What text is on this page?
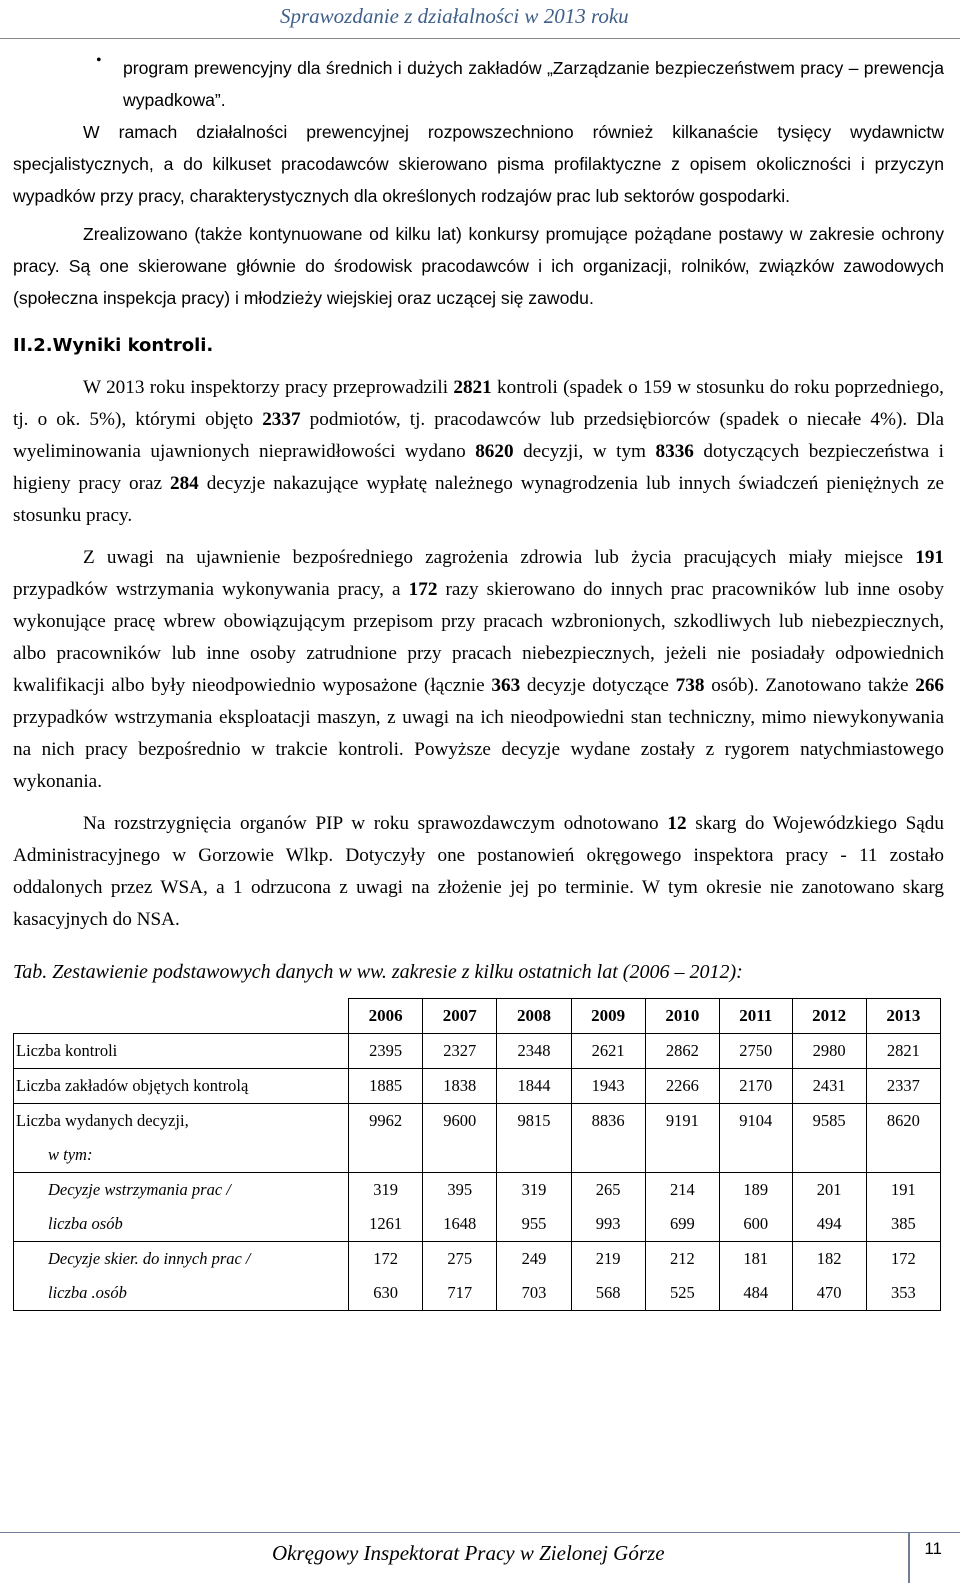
Sprawozdanie z działalności w 2013 roku
• program prewencyjny dla średnich i dużych zakładów „Zarządzanie bezpieczeństwem pracy – prewencja wypadkowa”.

W ramach działalności prewencyjnej rozpowszechniono również kilkanaście tysięcy wydawnictw specjalistycznych, a do kilkuset pracodawców skierowano pisma profilaktyczne z opisem okoliczności i przyczyn wypadków przy pracy, charakterystycznych dla określonych rodzajów prac lub sektorów gospodarki.

Zrealizowano (także kontynuowane od kilku lat) konkursy promujące pożądane postawy w zakresie ochrony pracy. Są one skierowane głównie do środowisk pracodawców i ich organizacji, rolników, związków zawodowych (społeczna inspekcja pracy) i młodzieży wiejskiej oraz uczącej się zawodu.

II.2.Wyniki kontroli.

W 2013 roku inspektorzy pracy przeprowadzili 2821 kontroli (spadek o 159 w stosunku do roku poprzedniego, tj. o ok. 5%), którymi objęto 2337 podmiotów, tj. pracodawców lub przedsiębiorców (spadek o niecałe 4%). Dla wyeliminowania ujawnionych nieprawidłowości wydano 8620 decyzji, w tym 8336 dotyczących bezpieczeństwa i higieny pracy oraz 284 decyzje nakazujące wypłatę należnego wynagrodzenia lub innych świadczeń pieniężnych ze stosunku pracy.

Z uwagi na ujawnienie bezpośredniego zagrożenia zdrowia lub życia pracujących miały miejsce 191 przypadków wstrzymania wykonywania pracy, a 172 razy skierowano do innych prac pracowników lub inne osoby wykonujące pracę wbrew obowiązującym przepisom przy pracach wzbronionych, szkodliwych lub niebezpiecznych, albo pracowników lub inne osoby zatrudnione przy pracach niebezpiecznych, jeżeli nie posiadały odpowiednich kwalifikacji albo były nieodpowiednio wyposażone (łącznie 363 decyzje dotyczące 738 osób). Zanotowano także 266 przypadków wstrzymania eksploatacji maszyn, z uwagi na ich nieodpowiedni stan techniczny, mimo niewykonywania na nich pracy bezpośrednio w trakcie kontroli. Powyższe decyzje wydane zostały z rygorem natychmiastowego wykonania.

Na rozstrzygnięcia organów PIP w roku sprawozdawczym odnotowano 12 skarg do Wojewódzkiego Sądu Administracyjnego w Gorzowie Wlkp. Dotyczyły one postanowień okręgowego inspektora pracy - 11 zostało oddalonych przez WSA, a 1 odrzucona z uwagi na złożenie jej po terminie. W tym okresie nie zanotowano skarg kasacyjnych do NSA.

Tab. Zestawienie podstawowych danych w ww. zakresie z kilku ostatnich lat (2006 – 2012):
	2006	2007	2008	2009	2010	2011	2012	2013
Liczba kontroli	2395	2327	2348	2621	2862	2750	2980	2821
Liczba zakładów objętych kontrolą	1885	1838	1844	1943	2266	2170	2431	2337
Liczba wydanych decyzji,	9962	9600	9815	8836	9191	9104	9585	8620
w tym:								
Decyzje wstrzymania prac /	319	395	319	265	214	189	201	191
liczba osób	1261	1648	955	993	699	600	494	385
Decyzje skier. do innych prac /	172	275	249	219	212	181	182	172
liczba .osób	630	717	703	568	525	484	470	353
Okręgowy Inspektorat Pracy w Zielonej Górze	11
